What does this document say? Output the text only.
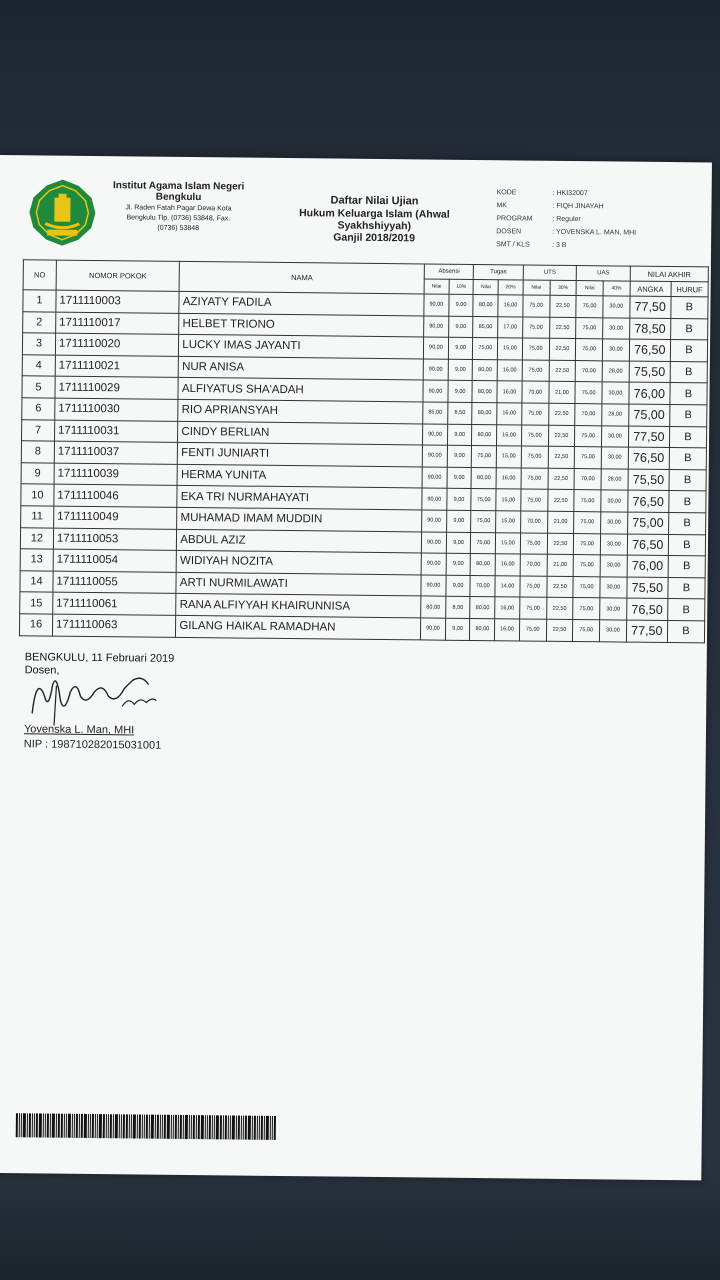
Institut Agama Islam Negeri
Bengkulu
Jl. Raden Fatah Pagar Dewa Kota
Bengkulu Tlp. (0736) 53848, Fax.
(0736) 53848
Daftar Nilai Ujian
Hukum Keluarga Islam (Ahwal
Syakhshiyyah)
Ganjil 2018/2019
KODE	: HKI32007
MK	: FIQH JINAYAH
PROGRAM	: Reguler
DOSEN	: YOVENSKA L. MAN, MHI
SMT / KLS	: 3 B
NO	NOMOR POKOK	NAMA	Absensi		Tugas		UTS		UAS		NILAI AKHIR	
			Nilai	10%	Nilai	20%	Nilai	30%	Nilai	40%	ANGKA	HURUF
1	1711110003	AZIYATY FADILA	90,00	9,00	80,00	16,00	75,00	22,50	75,00	30,00	77,50	B
2	1711110017	HELBET TRIONO	90,00	9,00	85,00	17,00	75,00	22,50	75,00	30,00	78,50	B
3	1711110020	LUCKY IMAS JAYANTI	90,00	9,00	75,00	15,00	75,00	22,50	75,00	30,00	76,50	B
4	1711110021	NUR ANISA	90,00	9,00	80,00	16,00	75,00	22,50	70,00	28,00	75,50	B
5	1711110029	ALFIYATUS SHA'ADAH	90,00	9,00	80,00	16,00	70,00	21,00	75,00	30,00	76,00	B
6	1711110030	RIO APRIANSYAH	85,00	8,50	80,00	16,00	75,00	22,50	70,00	28,00	75,00	B
7	1711110031	CINDY BERLIAN	90,00	9,00	80,00	16,00	75,00	22,50	75,00	30,00	77,50	B
8	1711110037	FENTI JUNIARTI	90,00	9,00	75,00	15,00	75,00	22,50	75,00	30,00	76,50	B
9	1711110039	HERMA YUNITA	90,00	9,00	80,00	16,00	75,00	22,50	70,00	28,00	75,50	B
10	1711110046	EKA TRI NURMAHAYATI	90,00	9,00	75,00	15,00	75,00	22,50	75,00	30,00	76,50	B
11	1711110049	MUHAMAD IMAM MUDDIN	90,00	9,00	75,00	15,00	70,00	21,00	75,00	30,00	75,00	B
12	1711110053	ABDUL AZIZ	90,00	9,00	75,00	15,00	75,00	22,50	75,00	30,00	76,50	B
13	1711110054	WIDIYAH NOZITA	90,00	9,00	80,00	16,00	70,00	21,00	75,00	30,00	76,00	B
14	1711110055	ARTI NURMILAWATI	90,00	9,00	70,00	14,00	75,00	22,50	75,00	30,00	75,50	B
15	1711110061	RANA ALFIYYAH KHAIRUNNISA	80,00	8,00	80,00	16,00	75,00	22,50	75,00	30,00	76,50	B
16	1711110063	GILANG HAIKAL RAMADHAN	90,00	9,00	80,00	16,00	75,00	22,50	75,00	30,00	77,50	B
BENGKULU, 11 Februari 2019
Dosen,
Yovenska L. Man, MHI
NIP : 198710282015031001
